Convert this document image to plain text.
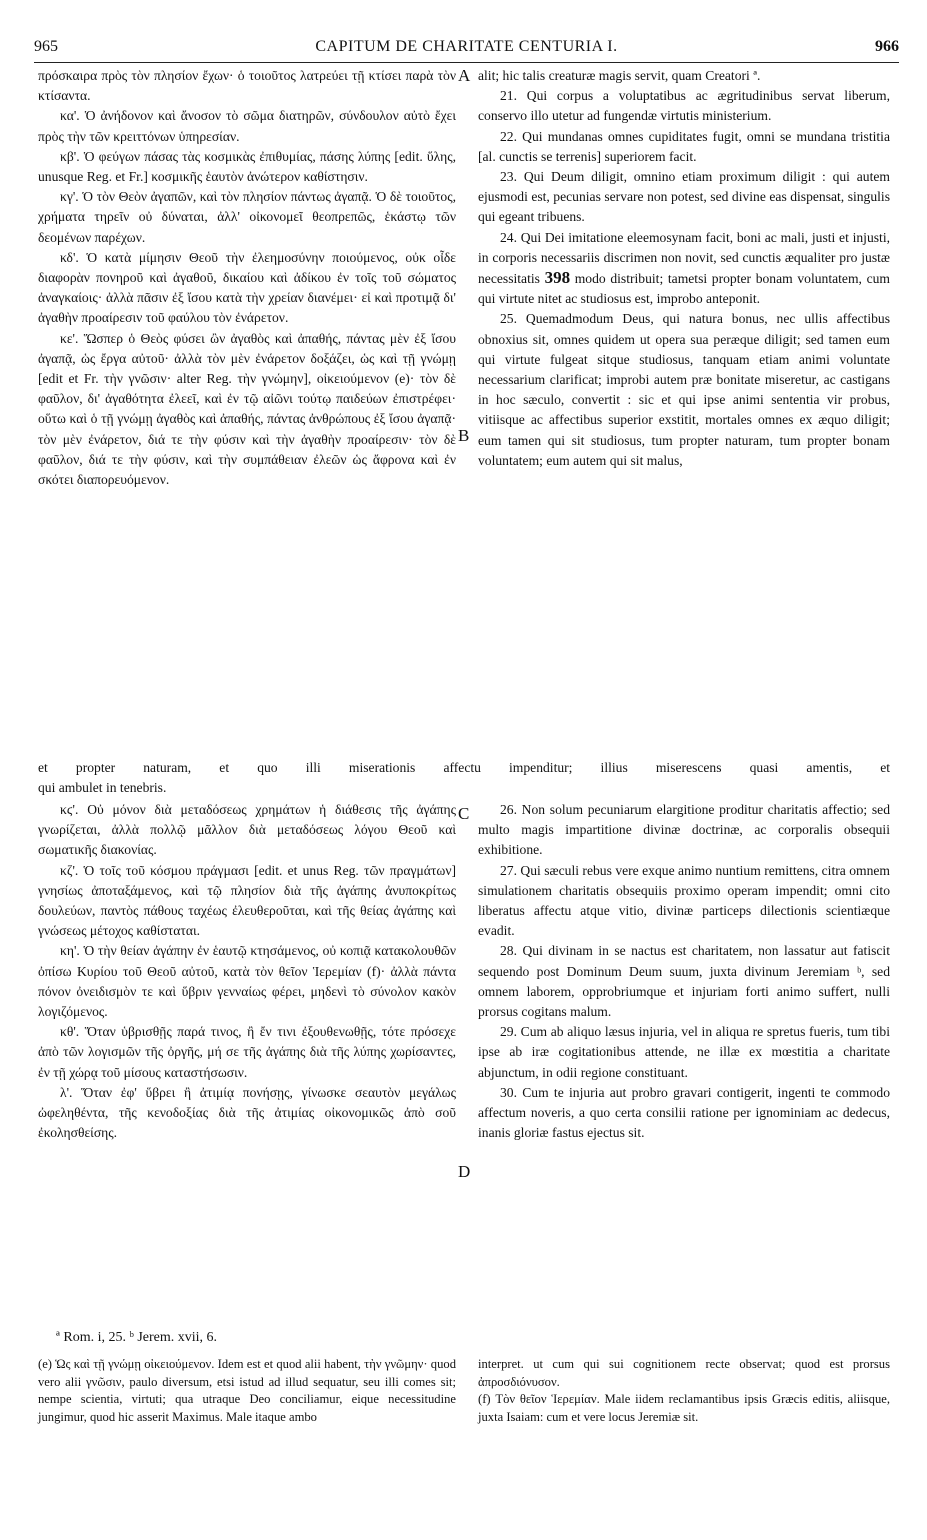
965	CAPITUM DE CHARITATE CENTURIA I.	966

πρόσκαιρα πρὸς τὸν πλησίον ἔχων· ὁ τοιοῦτος λατρεύει τῇ κτίσει παρὰ τὸν κτίσαντα.

κα'. Ὁ ἀνήδονον καὶ ἄνοσον τὸ σῶμα διατηρῶν, σύνδουλον αὐτὸ ἔχει πρὸς τὴν τῶν κρειττόνων ὑπηρεσίαν.

κβ'. Ὁ φεύγων πάσας τὰς κοσμικὰς ἐπιθυμίας, πάσης λύπης [edit. ὕλης, unusque Reg. et Fr.] κοσμικῆς ἑαυτὸν ἀνώτερον καθίστησιν.

κγ'. Ὁ τὸν Θεὸν ἀγαπῶν, καὶ τὸν πλησίον πάντως ἀγαπᾷ. Ὁ δὲ τοιοῦτος, χρήματα τηρεῖν οὐ δύναται, ἀλλ' οἰκονομεῖ θεοπρεπῶς, ἑκάστῳ τῶν δεομένων παρέχων.

κδ'. Ὁ κατὰ μίμησιν Θεοῦ τὴν ἐλεημοσύνην ποιούμενος, οὐκ οἶδε διαφορὰν πονηροῦ καὶ ἀγαθοῦ, δικαίου καὶ ἀδίκου ἐν τοῖς τοῦ σώματος ἀναγκαίοις· ἀλλὰ πᾶσιν ἐξ ἴσου κατὰ τὴν χρείαν διανέμει· εἰ καὶ προτιμᾷ δι' ἀγαθὴν προαίρεσιν τοῦ φαύλου τὸν ἐνάρετον.

κε'. Ὥσπερ ὁ Θεὸς φύσει ὢν ἀγαθὸς καὶ ἀπαθής, πάντας μὲν ἐξ ἴσου ἀγαπᾷ, ὡς ἔργα αὐτοῦ· ἀλλὰ τὸν μὲν ἐνάρετον δοξάζει, ὡς καὶ τῇ γνώμῃ [edit et Fr. τὴν γνῶσιν· alter Reg. τὴν γνώμην], οἰκειούμενον (e)· τὸν δὲ φαῦλον, δι' ἀγαθότητα ἐλεεῖ, καὶ ἐν τῷ αἰῶνι τούτῳ παιδεύων ἐπιστρέφει· οὕτω καὶ ὁ τῇ γνώμῃ ἀγαθὸς καὶ ἀπαθής, πάντας ἀνθρώπους ἐξ ἴσου ἀγαπᾷ· τὸν μὲν ἐνάρετον, διά τε τὴν φύσιν καὶ τὴν ἀγαθὴν προαίρεσιν· τὸν δὲ φαῦλον, διά τε τὴν φύσιν, καὶ τὴν συμπάθειαν ἐλεῶν ὡς ἄφρονα καὶ ἐν σκότει διαπορευόμενον.

alit; hic talis creaturæ magis servit, quam Creatori ª.

21. Qui corpus a voluptatibus ac ægritudinibus servat liberum, conservo illo utetur ad fungendæ virtutis ministerium.

22. Qui mundanas omnes cupiditates fugit, omni se mundana tristitia [al. cunctis se terrenis] superiorem facit.

23. Qui Deum diligit, omnino etiam proximum diligit : qui autem ejusmodi est, pecunias servare non potest, sed divine eas dispensat, singulis qui egeant tribuens.

24. Qui Dei imitatione eleemosynam facit, boni ac mali, justi et injusti, in corporis necessariis discrimen non novit, sed cunctis æqualiter pro justæ necessitatis 398 modo distribuit; tametsi propter bonam voluntatem, cum qui virtute nitet ac studiosus est, improbo anteponit.

25. Quemadmodum Deus, qui natura bonus, nec ullis affectibus obnoxius sit, omnes quidem ut opera sua peræque diligit; sed tamen eum qui virtute fulgeat sitque studiosus, tanquam etiam animi voluntate necessarium clarificat; improbi autem præ bonitate miseretur, ac castigans in hoc sæculo, convertit : sic et qui ipse animi sententia vir probus, vitiisque ac affectibus superior exstitit, mortales omnes ex æquo diligit; eum tamen qui sit studiosus, tum propter naturam, tum propter bonam voluntatem; eum autem qui sit malus,

A
B
C
D
et propter naturam, et quo illi miserationis affectu impenditur; illius miserescens quasi amentis, et
qui ambulet in tenebris.

κϛ'. Οὐ μόνον διὰ μεταδόσεως χρημάτων ἡ διάθεσις τῆς ἀγάπης γνωρίζεται, ἀλλὰ πολλῷ μᾶλλον διὰ μεταδόσεως λόγου Θεοῦ καὶ σωματικῆς διακονίας.

κζ'. Ὁ τοῖς τοῦ κόσμου πράγμασι [edit. et unus Reg. τῶν πραγμάτων] γνησίως ἀποταξάμενος, καὶ τῷ πλησίον διὰ τῆς ἀγάπης ἀνυποκρίτως δουλεύων, παντὸς πάθους ταχέως ἐλευθεροῦται, καὶ τῆς θείας ἀγάπης καὶ γνώσεως μέτοχος καθίσταται.

κη'. Ὁ τὴν θείαν ἀγάπην ἐν ἑαυτῷ κτησάμενος, οὐ κοπιᾷ κατακολουθῶν ὀπίσω Κυρίου τοῦ Θεοῦ αὐτοῦ, κατὰ τὸν θεῖον Ἱερεμίαν (f)· ἀλλὰ πάντα πόνον ὀνειδισμὸν τε καὶ ὕβριν γενναίως φέρει, μηδενὶ τὸ σύνολον κακὸν λογιζόμενος.

κθ'. Ὅταν ὑβρισθῇς παρά τινος, ἢ ἔν τινι ἐξουθενωθῇς, τότε πρόσεχε ἀπὸ τῶν λογισμῶν τῆς ὀργῆς, μή σε τῆς ἀγάπης διὰ τῆς λύπης χωρίσαντες, ἐν τῇ χώρᾳ τοῦ μίσους καταστήσωσιν.

λ'. Ὅταν ἐφ' ὕβρει ἢ ἀτιμίᾳ πονήσῃς, γίνωσκε σεαυτὸν μεγάλως ὠφεληθέντα, τῆς κενοδοξίας διὰ τῆς ἀτιμίας οἰκονομικῶς ἀπὸ σοῦ ἐκολησθείσης.

26. Non solum pecuniarum elargitione proditur charitatis affectio; sed multo magis impartitione divinæ doctrinæ, ac corporalis obsequii exhibitione.

27. Qui sæculi rebus vere exque animo nuntium remittens, citra omnem simulationem charitatis obsequiis proximo operam impendit; omni cito liberatus affectu atque vitio, divinæ particeps dilectionis scientiæque evadit.

28. Qui divinam in se nactus est charitatem, non lassatur aut fatiscit sequendo post Dominum Deum suum, juxta divinum Jeremiam ᵇ, sed omnem laborem, opprobriumque et injuriam forti animo suffert, nulli prorsus cogitans malum.

29. Cum ab aliquo læsus injuria, vel in aliqua re spretus fueris, tum tibi ipse ab iræ cogitationibus attende, ne illæ ex mœstitia a charitate abjunctum, in odii regione constituant.

30. Cum te injuria aut probro gravari contigerit, ingenti te commodo affectum noveris, a quo certa consilii ratione per ignominiam ac dedecus, inanis gloriæ fastus ejectus sit.

ª Rom. i, 25. ᵇ Jerem. xvii, 6.

(e) Ὡς καὶ τῇ γνώμῃ οἰκειούμενον. Idem est et quod alii habent, τὴν γνῶμην· quod vero alii γνῶσιν, paulo diversum, etsi istud ad illud sequatur, seu illi comes sit; nempe scientia, virtuti; qua utraque Deo conciliamur, eique necessitudine jungimur, quod hic asserit Maximus. Male itaque ambo

interpret. ut cum qui sui cognitionem recte observat; quod est prorsus ἀπροσδιόνυσον.

(f) Τὸν θεῖον Ἱερεμίαν. Male iidem reclamantibus ipsis Græcis editis, aliisque, juxta Isaiam: cum et vere locus Jeremiæ sit.
